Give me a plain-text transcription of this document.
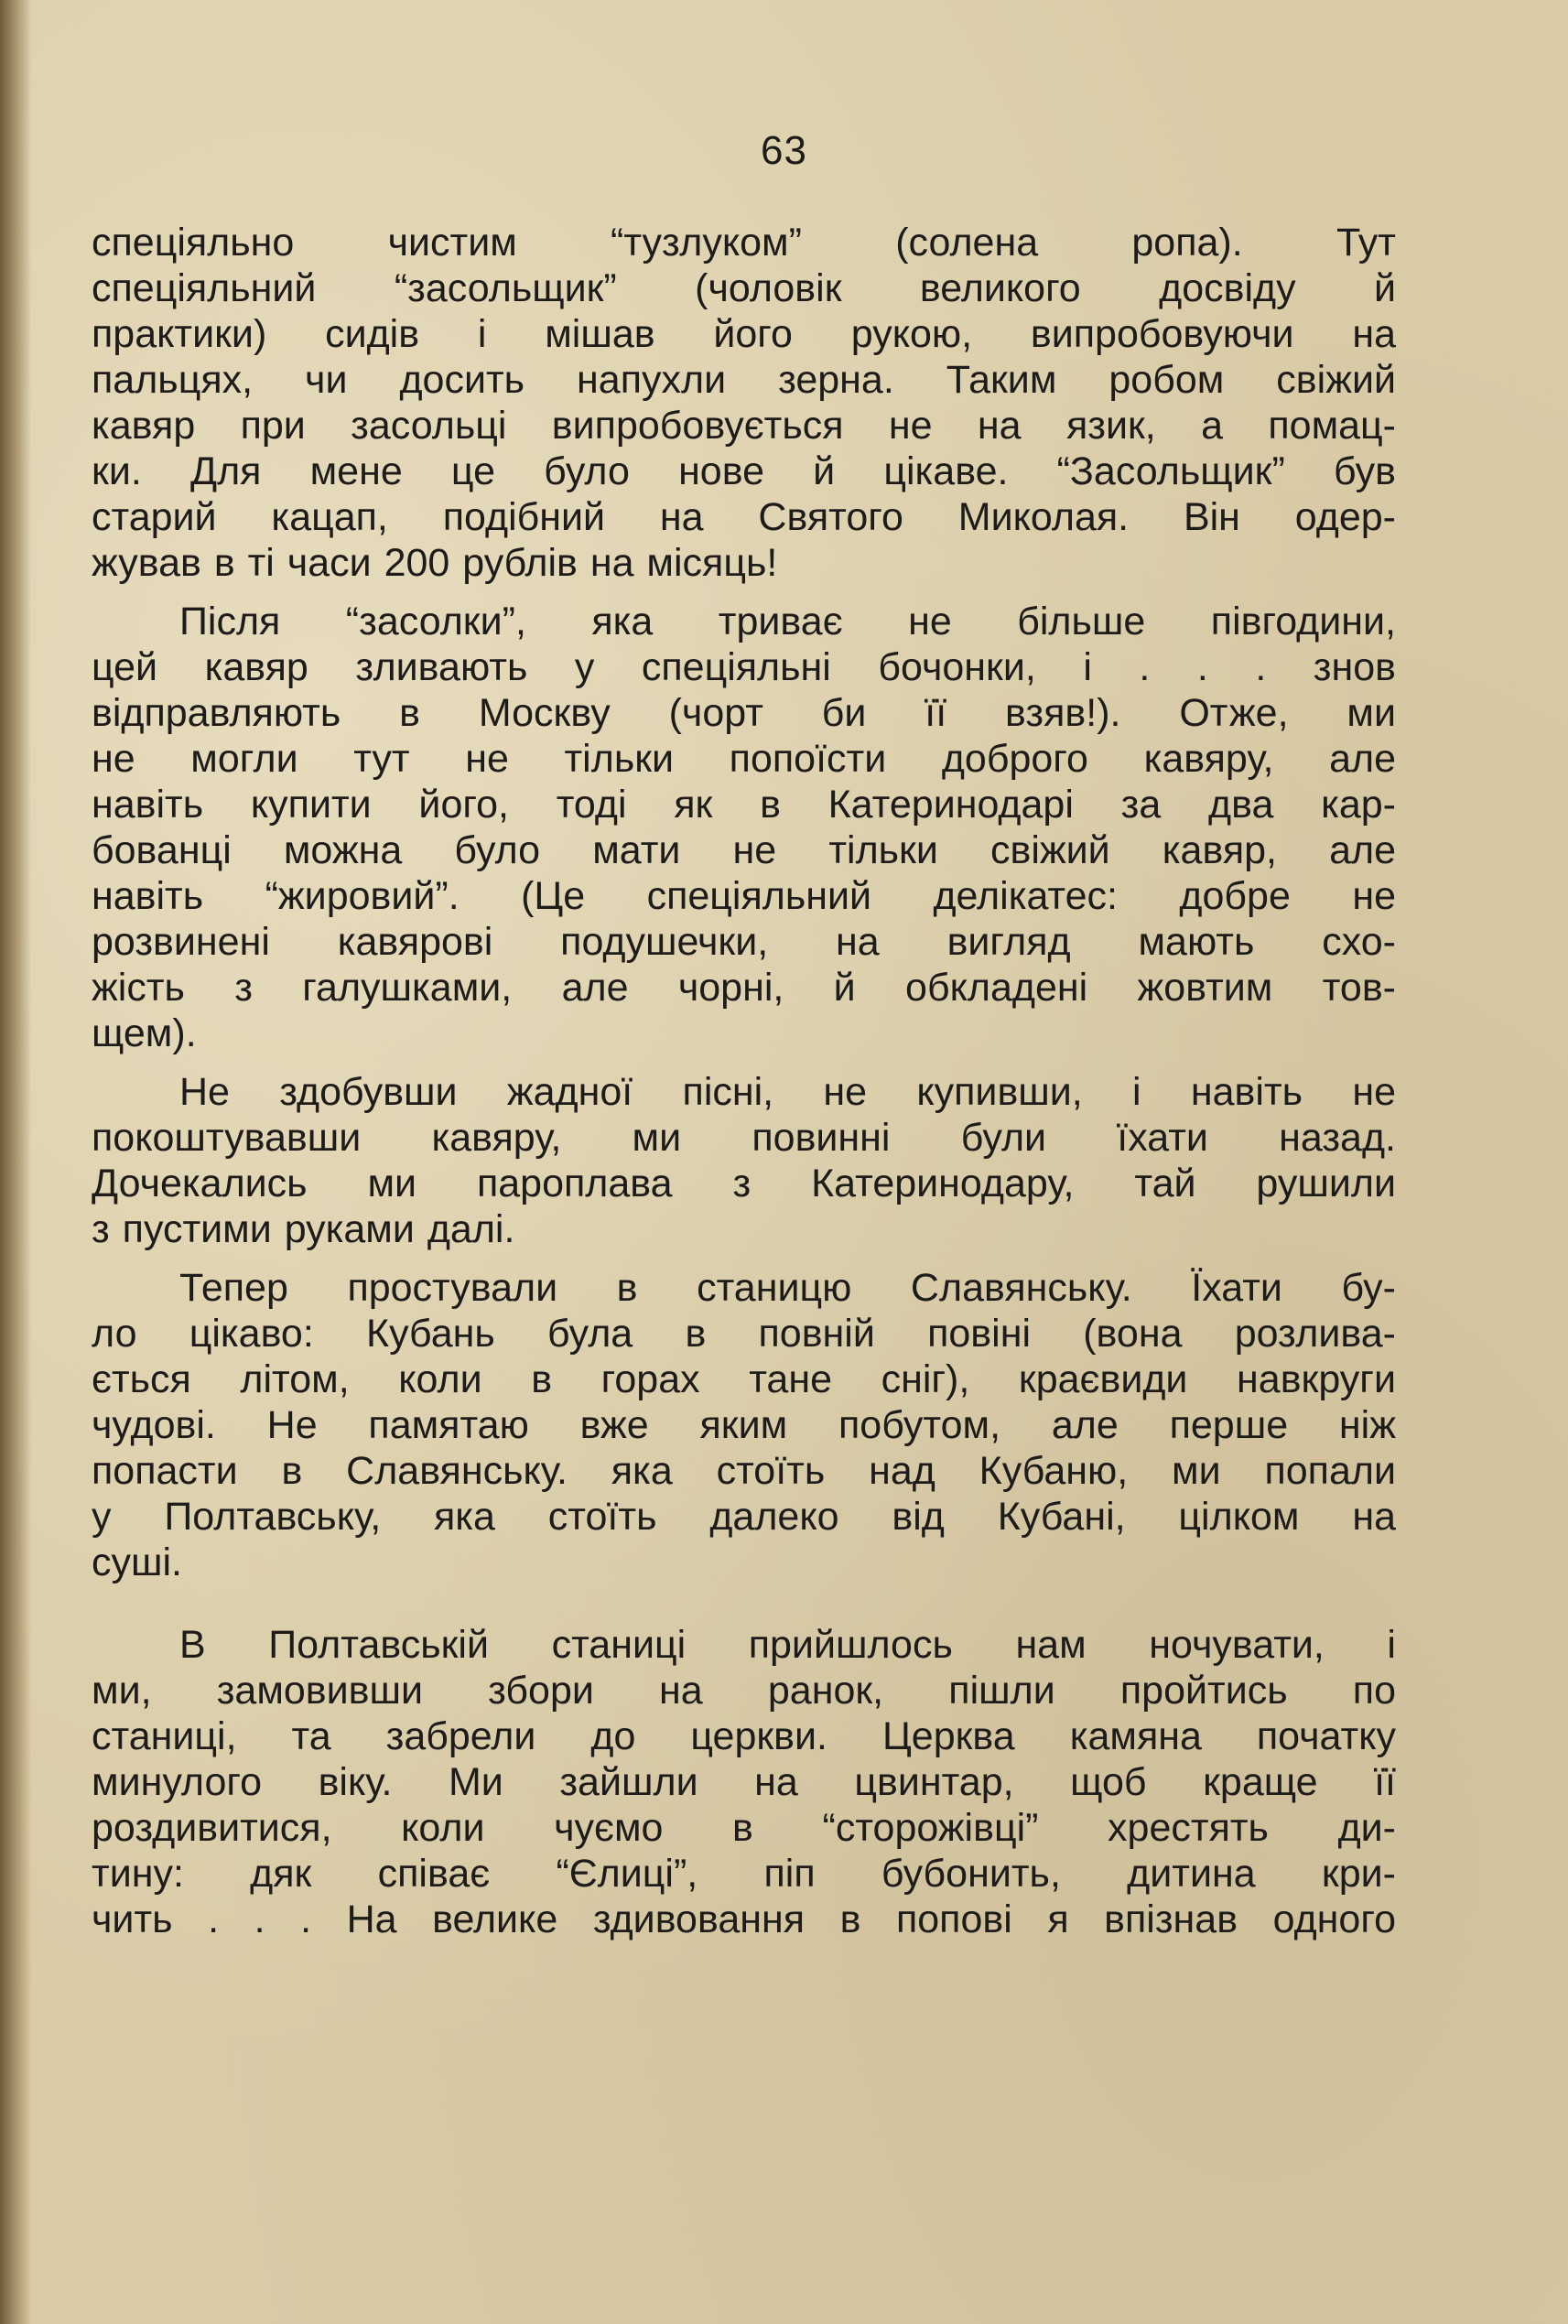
63

спеціяльно чистим “тузлуком” (солена ропа). Тут
спеціяльний “засольщик” (чоловік великого досвіду й
практики) сидів і мішав його рукою, випробовуючи на
пальцях, чи досить напухли зерна. Таким робом свіжий
кавяр при засольці випробовується не на язик, а помац-
ки. Для мене це було нове й цікаве. “Засольщик” був
старий кацап, подібний на Святого Миколая. Він одер-
жував в ті часи 200 рублів на місяць!

Після “засолки”, яка триває не більше півгодини,
цей кавяр зливають у спеціяльні бочонки, і . . . знов
відправляють в Москву (чорт би її взяв!). Отже, ми
не могли тут не тільки попоїсти доброго кавяру, але
навіть купити його, тоді як в Катеринодарі за два кар-
бованці можна було мати не тільки свіжий кавяр, але
навіть “жировий”. (Це спеціяльний делікатес: добре не
розвинені кавярові подушечки, на вигляд мають схо-
жість з галушками, але чорні, й обкладені жовтим тов-
щем).

Не здобувши жадної пісні, не купивши, і навіть не
покоштувавши кавяру, ми повинні були їхати назад.
Дочекались ми пароплава з Катеринодару, тай рушили
з пустими руками далі.

Тепер простували в станицю Славянську. Їхати бу-
ло цікаво: Кубань була в повній повіні (вона розлива-
ється літом, коли в горах тане сніг), краєвиди навкруги
чудові. Не памятаю вже яким побутом, але перше ніж
попасти в Славянську. яка стоїть над Кубаню, ми попали
у Полтавську, яка стоїть далеко від Кубані, цілком на
суші.

В Полтавській станиці прийшлось нам ночувати, і
ми, замовивши збори на ранок, пішли пройтись по
станиці, та забрели до церкви. Церква камяна початку
минулого віку. Ми зайшли на цвинтар, щоб краще її
роздивитися, коли чуємо в “сторожівці” хрестять ди-
тину: дяк співає “Єлиці”, піп бубонить, дитина кри-
чить . . . На велике здивовання в попові я впізнав одного
